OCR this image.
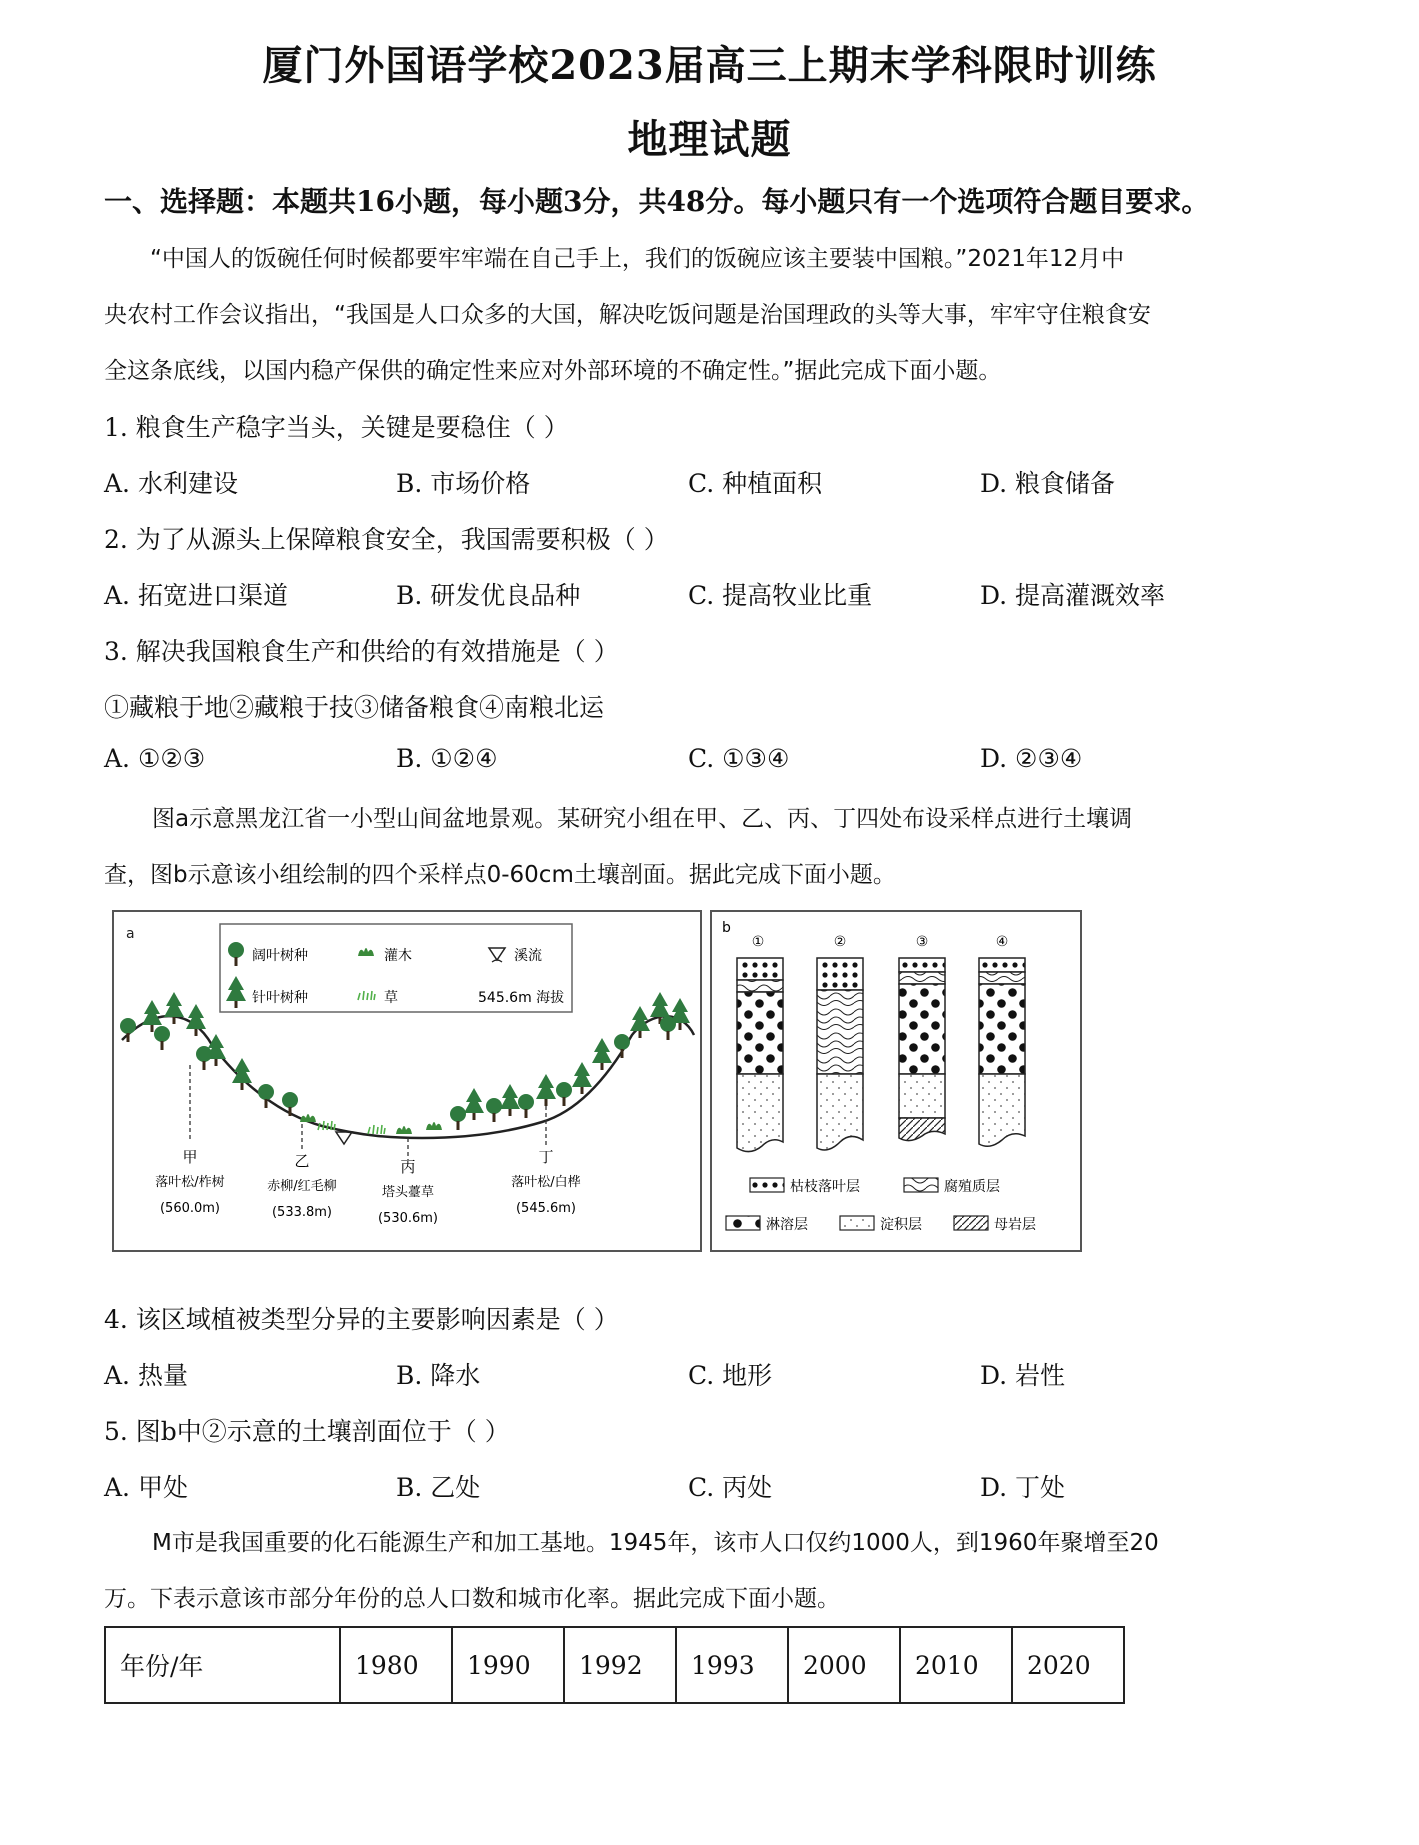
厦门外国语学校2023届高三上期末学科限时训练
地理试题
一、选择题：本题共16小题，每小题3分，共48分。每小题只有一个选项符合题目要求。
“中国人的饭碗任何时候都要牢牢端在自己手上，我们的饭碗应该主要装中国粮。”2021年12月中
央农村工作会议指出，“我国是人口众多的大国，解决吃饭问题是治国理政的头等大事，牢牢守住粮食安
全这条底线，以国内稳产保供的确定性来应对外部环境的不确定性。”据此完成下面小题。
1. 粮食生产稳字当头，关键是要稳住（ ）
A. 水利建设	B. 市场价格	C. 种植面积	D. 粮食储备
2. 为了从源头上保障粮食安全，我国需要积极（ ）
A. 拓宽进口渠道	B. 研发优良品种	C. 提高牧业比重	D. 提高灌溉效率
3. 解决我国粮食生产和供给的有效措施是（ ）
①藏粮于地②藏粮于技③储备粮食④南粮北运
A. ①②③	B. ①②④	C. ①③④	D. ②③④
图a示意黑龙江省一小型山间盆地景观。某研究小组在甲、乙、丙、丁四处布设采样点进行土壤调
查，图b示意该小组绘制的四个采样点0-60cm土壤剖面。据此完成下面小题。
a
阔叶树种	灌木	溪流
针叶树种	草	545.6m 海拔
甲
落叶松/柞树
(560.0m)
乙
赤柳/红毛柳
(533.8m)
丙
塔头薹草
(530.6m)
丁
落叶松/白桦
(545.6m)
b
①	②	③	④
枯枝落叶层	腐殖质层
淋溶层	淀积层	母岩层
4. 该区域植被类型分异的主要影响因素是（ ）
A. 热量	B. 降水	C. 地形	D. 岩性
5. 图b中②示意的土壤剖面位于（ ）
A. 甲处	B. 乙处	C. 丙处	D. 丁处
M市是我国重要的化石能源生产和加工基地。1945年，该市人口仅约1000人，到1960年聚增至20
万。下表示意该市部分年份的总人口数和城市化率。据此完成下面小题。
年份/年	1980	1990	1992	1993	2000	2010	2020
